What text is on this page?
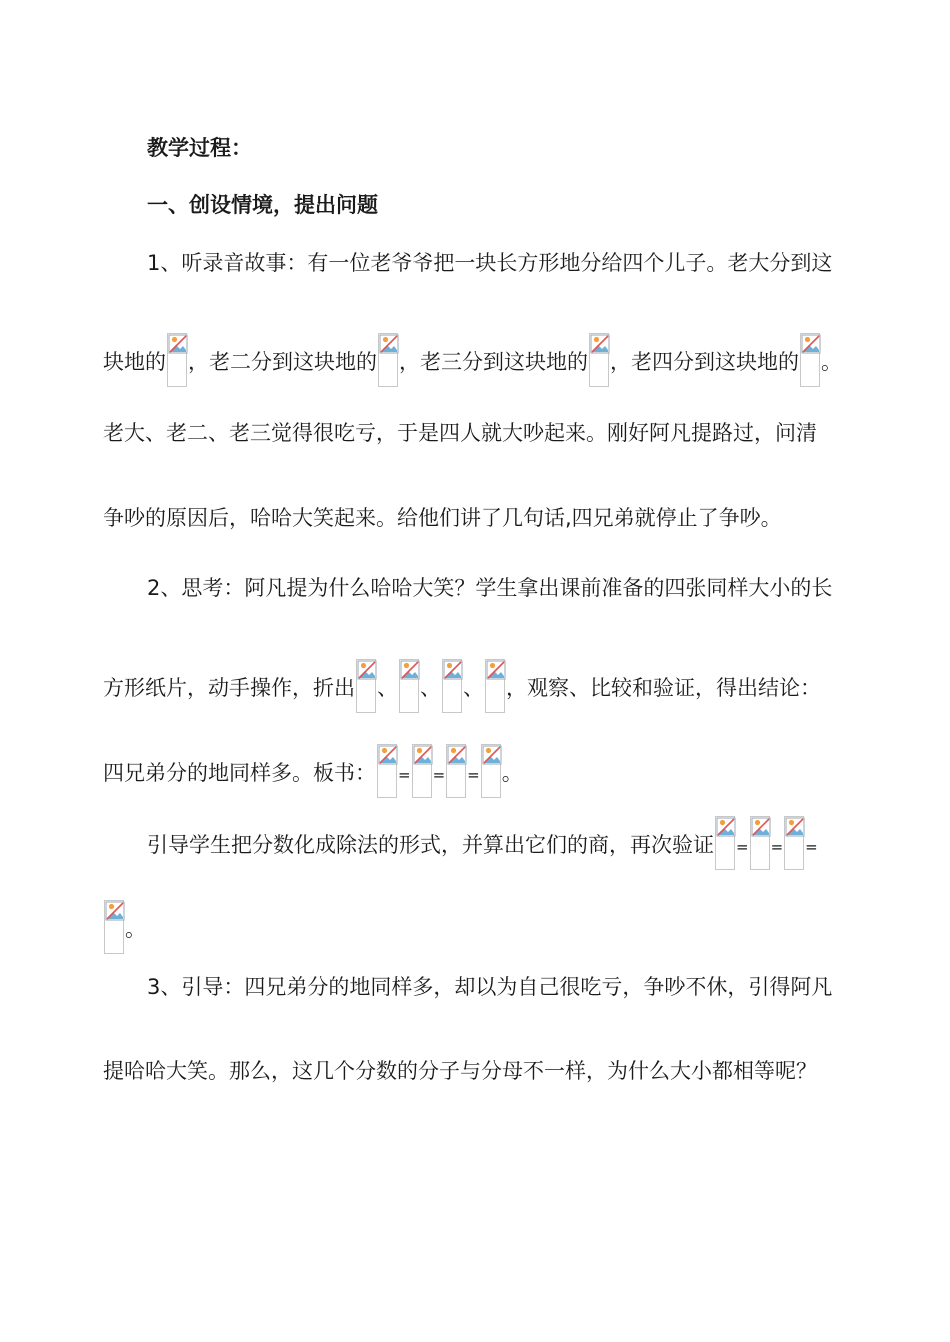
教学过程：
一、创设情境，提出问题
1、听录音故事：有一位老爷爷把一块长方形地分给四个儿子。老大分到这
块地的 ，老二分到这块地的 ，老三分到这块地的 ，老四分到这块地的 。
老大、老二、老三觉得很吃亏，于是四人就大吵起来。刚好阿凡提路过，问清
争吵的原因后，哈哈大笑起来。给他们讲了几句话,四兄弟就停止了争吵。
2、思考：阿凡提为什么哈哈大笑？学生拿出课前准备的四张同样大小的长
方形纸片，动手操作，折出 、 、 、 ，观察、比较和验证，得出结论：
四兄弟分的地同样多。板书： = = = 。
引导学生把分数化成除法的形式，并算出它们的商，再次验证 = = =
。
3、引导：四兄弟分的地同样多，却以为自己很吃亏，争吵不休，引得阿凡
提哈哈大笑。那么，这几个分数的分子与分母不一样，为什么大小都相等呢？
